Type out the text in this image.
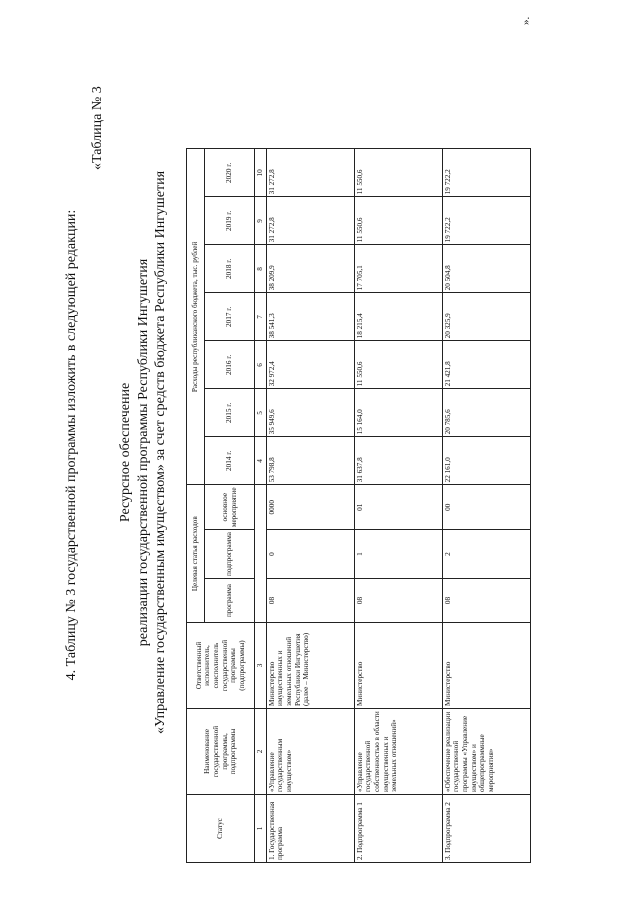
4. Таблицу № 3 государственной программы изложить в следующей редакции:
«Таблица № 3
Ресурсное обеспечение реализации государственной программы Республики Ингушетия «Управление государственным имуществом» за счет средств бюджета Республики Ингушетия
Статус	Наименование государственной программы, подпрограммы	Ответственный исполнитель, соисполнитель государственной программы (подпрограммы)	Целевая статья расходов			Расходы республиканского бюджета, тыс. рублей						
			программа	подпрограмма	основное мероприятие	2014 г.	2015 г.	2016 г.	2017 г.	2018 г.	2019 г.	2020 г.

1	2	3				4	5	6	7	8	9	10
1. Государственная программа	«Управление государственным имуществом»	Министерство имущественных и земельных отношений Республики Ингушетия (далее – Министерство)	08	0	0000	53 798,8	35 949,6	32 972,4	38 541,3	38 209,9	31 272,8	31 272,8
2. Подпрограмма 1	«Управление государственной собственностью в области имущественных и земельных отношений»	Министерство	08	1	01	31 637,8	15 164,0	11 550,6	18 215,4	17 705,1	11 550,6	11 550,6
3. Подпрограмма 2	«Обеспечение реализации государственной программы «Управление имуществом» и общепрограммные мероприятия»	Министерство	08	2	00	22 161,0	20 785,6	21 421,8	20 325,9	20 504,8	19 722,2	19 722,2
».
